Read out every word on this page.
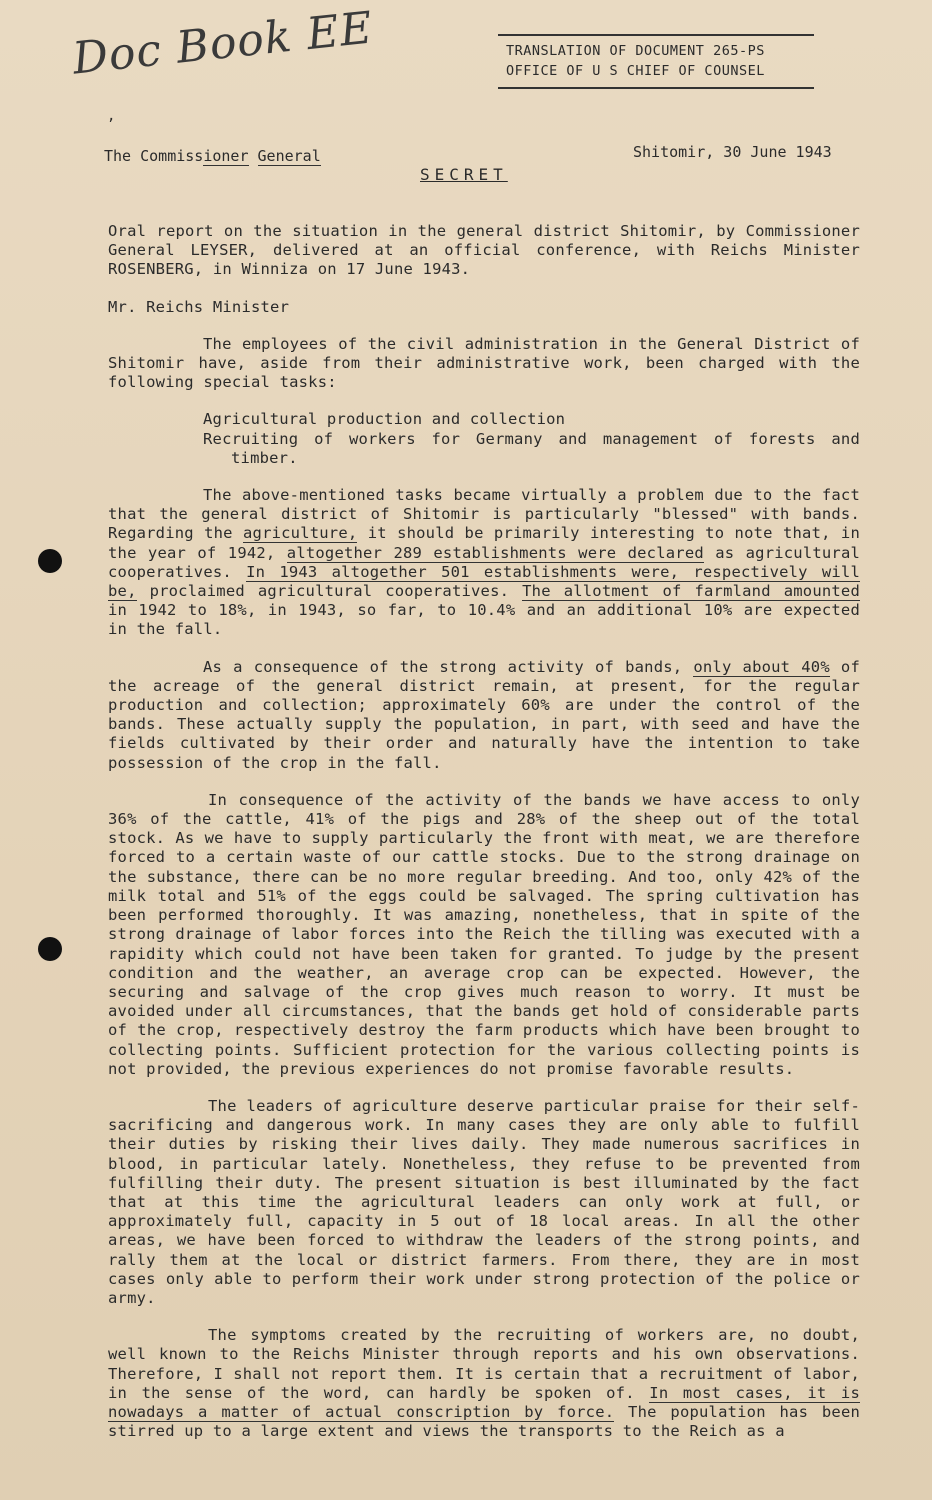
Doc Book EE	TRANSLATION OF DOCUMENT 265-PS
OFFICE OF U S CHIEF OF COUNSEL
,
The Commissioner General	Shitomir, 30 June 1943
SECRET

Oral report on the situation in the general district Shitomir, by Commissioner General LEYSER, delivered at an official conference, with Reichs Minister ROSENBERG, in Winniza on 17 June 1943.

Mr. Reichs Minister

The employees of the civil administration in the General District of Shitomir have, aside from their administrative work, been charged with the following special tasks:

Agricultural production and collection
Recruiting of workers for Germany and management of forests and timber.

The above-mentioned tasks became virtually a problem due to the fact that the general district of Shitomir is particularly "blessed" with bands. Regarding the agriculture, it should be primarily interesting to note that, in the year of 1942, altogether 289 establishments were declared as agricultural cooperatives. In 1943 altogether 501 establishments were, respectively will be, proclaimed agricultural cooperatives. The allotment of farmland amounted in 1942 to 18%, in 1943, so far, to 10.4% and an additional 10% are expected in the fall.

As a consequence of the strong activity of bands, only about 40% of the acreage of the general district remain, at present, for the regular production and collection; approximately 60% are under the control of the bands. These actually supply the population, in part, with seed and have the fields cultivated by their order and naturally have the intention to take possession of the crop in the fall.

In consequence of the activity of the bands we have access to only 36% of the cattle, 41% of the pigs and 28% of the sheep out of the total stock. As we have to supply particularly the front with meat, we are therefore forced to a certain waste of our cattle stocks. Due to the strong drainage on the substance, there can be no more regular breeding. And too, only 42% of the milk total and 51% of the eggs could be salvaged. The spring cultivation has been performed thoroughly. It was amazing, nonetheless, that in spite of the strong drainage of labor forces into the Reich the tilling was executed with a rapidity which could not have been taken for granted. To judge by the present condition and the weather, an average crop can be expected. However, the securing and salvage of the crop gives much reason to worry. It must be avoided under all circumstances, that the bands get hold of considerable parts of the crop, respectively destroy the farm products which have been brought to collecting points. Sufficient protection for the various collecting points is not provided, the previous experiences do not promise favorable results.

The leaders of agriculture deserve particular praise for their self-sacrificing and dangerous work. In many cases they are only able to fulfill their duties by risking their lives daily. They made numerous sacrifices in blood, in particular lately. Nonetheless, they refuse to be prevented from fulfilling their duty. The present situation is best illuminated by the fact that at this time the agricultural leaders can only work at full, or approximately full, capacity in 5 out of 18 local areas. In all the other areas, we have been forced to withdraw the leaders of the strong points, and rally them at the local or district farmers. From there, they are in most cases only able to perform their work under strong protection of the police or army.

The symptoms created by the recruiting of workers are, no doubt, well known to the Reichs Minister through reports and his own observations. Therefore, I shall not report them. It is certain that a recruitment of labor, in the sense of the word, can hardly be spoken of. In most cases, it is nowadays a matter of actual conscription by force. The population has been stirred up to a large extent and views the transports to the Reich as a
